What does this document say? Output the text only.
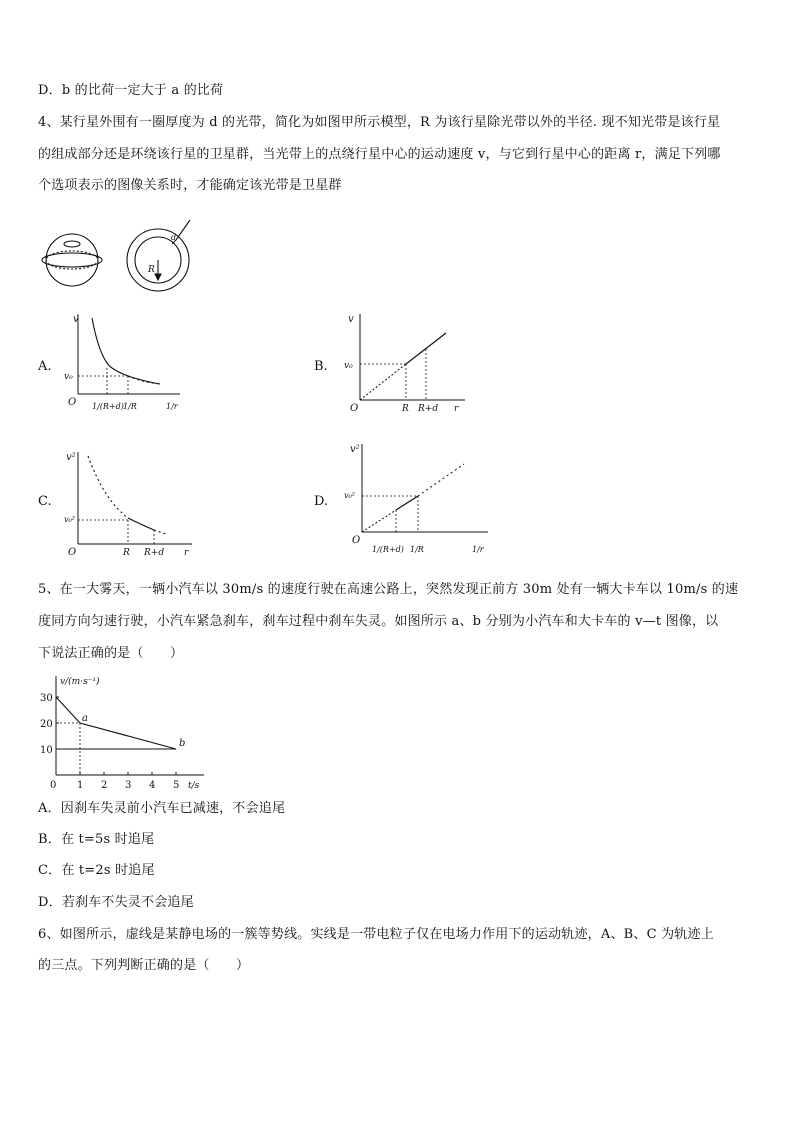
D．b 的比荷一定大于 a 的比荷
4、某行星外围有一圈厚度为 d 的光带，简化为如图甲所示模型，R 为该行星除光带以外的半径. 现不知光带是该行星
的组成部分还是环绕该行星的卫星群，当光带上的点绕行星中心的运动速度 v，与它到行星中心的距离 r，满足下列哪
个选项表示的图像关系时，才能确定该光带是卫星群
d
R
A.
v
v₀
O 1/(R+d) 1/R	1/r
B.
v
v₀
O	R R+d r
C.
v²
v₀²
O	R R+d r
D.
v²
v₀²
O
1/(R+d) 1/R	1/r
5、在一大雾天，一辆小汽车以 30m/s 的速度行驶在高速公路上，突然发现正前方 30m 处有一辆大卡车以 10m/s 的速
度同方向匀速行驶，小汽车紧急刹车，刹车过程中刹车失灵。如图所示 a、b 分别为小汽车和大卡车的 v—t 图像，以
下说法正确的是（　　）
v/(m·s⁻¹)
t/s
0 1 2 3 4 5
10
20
30
a
b
A．因刹车失灵前小汽车已减速，不会追尾
B．在 t=5s 时追尾
C．在 t=2s 时追尾
D．若刹车不失灵不会追尾
6、如图所示，虚线是某静电场的一簇等势线。实线是一带电粒子仅在电场力作用下的运动轨迹，A、B、C 为轨迹上
的三点。下列判断正确的是（　　）
